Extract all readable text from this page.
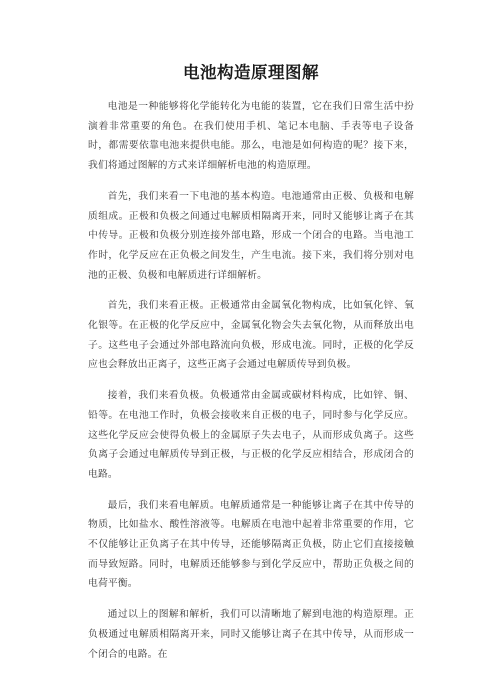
电池构造原理图解

电池是一种能够将化学能转化为电能的装置，它在我们日常生活中扮演着非常重要的角色。在我们使用手机、笔记本电脑、手表等电子设备时，都需要依靠电池来提供电能。那么，电池是如何构造的呢？接下来，我们将通过图解的方式来详细解析电池的构造原理。

首先，我们来看一下电池的基本构造。电池通常由正极、负极和电解质组成。正极和负极之间通过电解质相隔离开来，同时又能够让离子在其中传导。正极和负极分别连接外部电路，形成一个闭合的电路。当电池工作时，化学反应在正负极之间发生，产生电流。接下来，我们将分别对电池的正极、负极和电解质进行详细解析。

首先，我们来看正极。正极通常由金属氧化物构成，比如氧化锌、氧化银等。在正极的化学反应中，金属氧化物会失去氧化物，从而释放出电子。这些电子会通过外部电路流向负极，形成电流。同时，正极的化学反应也会释放出正离子，这些正离子会通过电解质传导到负极。

接着，我们来看负极。负极通常由金属或碳材料构成，比如锌、铜、铅等。在电池工作时，负极会接收来自正极的电子，同时参与化学反应。这些化学反应会使得负极上的金属原子失去电子，从而形成负离子。这些负离子会通过电解质传导到正极，与正极的化学反应相结合，形成闭合的电路。

最后，我们来看电解质。电解质通常是一种能够让离子在其中传导的物质，比如盐水、酸性溶液等。电解质在电池中起着非常重要的作用，它不仅能够让正负离子在其中传导，还能够隔离正负极，防止它们直接接触而导致短路。同时，电解质还能够参与到化学反应中，帮助正负极之间的电荷平衡。

通过以上的图解和解析，我们可以清晰地了解到电池的构造原理。正负极通过电解质相隔离开来，同时又能够让离子在其中传导，从而形成一个闭合的电路。在
